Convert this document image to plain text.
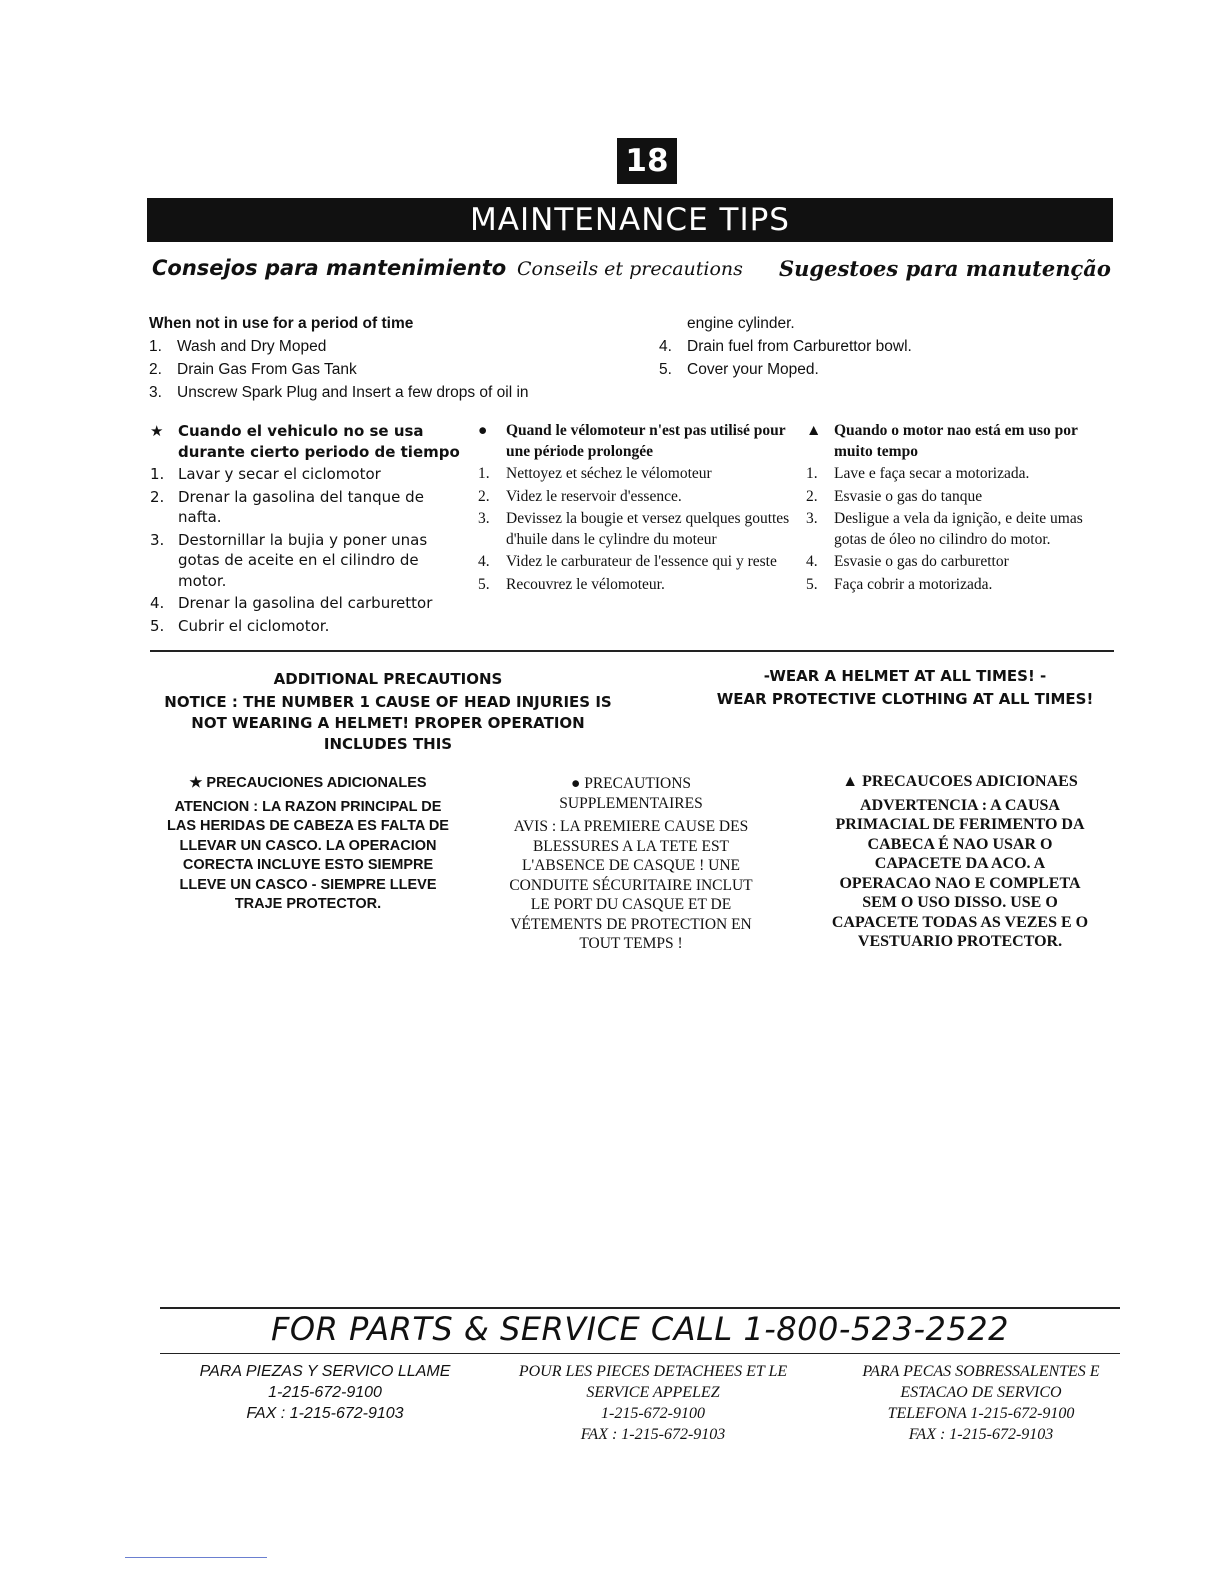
18
MAINTENANCE TIPS
Consejos para mantenimiento Conseils et precautions Sugestoes para manutenção
When not in use for a period of time
1. Wash and Dry Moped
2. Drain Gas From Gas Tank
3. Unscrew Spark Plug and Insert a few drops of oil in
engine cylinder.
4. Drain fuel from Carburettor bowl.
5. Cover your Moped.
★ Cuando el vehiculo no se usa durante cierto periodo de tiempo
1. Lavar y secar el ciclomotor
2. Drenar la gasolina del tanque de nafta.
3. Destornillar la bujia y poner unas gotas de aceite en el cilindro de motor.
4. Drenar la gasolina del carburettor
5. Cubrir el ciclomotor.
●	Quand le vélomoteur n'est pas utilisé pour une période prolongée
1.	Nettoyez et séchez le vélomoteur
2.	Videz le reservoir d'essence.
3.	Devissez la bougie et versez quelques gouttes d'huile dans le cylindre du moteur
4.	Videz le carburateur de l'essence qui y reste
5.	Recouvrez le vélomoteur.
▲ Quando o motor nao está em uso por muito tempo
1.	Lave e faça secar a motorizada.
2.	Esvasie o gas do tanque
3.	Desligue a vela da ignição, e deite umas gotas de óleo no cilindro do motor.
4.	Esvasie o gas do carburettor
5.	Faça cobrir a motorizada.
ADDITIONAL PRECAUTIONS
NOTICE : THE NUMBER 1 CAUSE OF HEAD INJURIES IS
NOT WEARING A HELMET! PROPER OPERATION
INCLUDES THIS
-WEAR A HELMET AT ALL TIMES! -
WEAR PROTECTIVE CLOTHING AT ALL TIMES!
★ PRECAUCIONES ADICIONALES
ATENCION : LA RAZON PRINCIPAL DE
LAS HERIDAS DE CABEZA ES FALTA DE
LLEVAR UN CASCO. LA OPERACION
CORECTA INCLUYE ESTO SIEMPRE
LLEVE UN CASCO - SIEMPRE LLEVE
TRAJE PROTECTOR.
● PRECAUTIONS
SUPPLEMENTAIRES
AVIS : LA PREMIERE CAUSE DES
BLESSURES A LA TETE EST
L'ABSENCE DE CASQUE ! UNE
CONDUITE SÉCURITAIRE INCLUT
LE PORT DU CASQUE ET DE
VÉTEMENTS DE PROTECTION EN
TOUT TEMPS !
▲ PRECAUCOES ADICIONAES
ADVERTENCIA : A CAUSA
PRIMACIAL DE FERIMENTO DA
CABECA É NAO USAR O
CAPACETE DA ACO. A
OPERACAO NAO E COMPLETA
SEM O USO DISSO. USE O
CAPACETE TODAS AS VEZES E O
VESTUARIO PROTECTOR.
FOR PARTS & SERVICE CALL 1-800-523-2522
PARA PIEZAS Y SERVICO LLAME
1-215-672-9100
FAX : 1-215-672-9103
POUR LES PIECES DETACHEES ET LE
SERVICE APPELEZ
1-215-672-9100
FAX : 1-215-672-9103
PARA PECAS SOBRESSALENTES E
ESTACAO DE SERVICO
TELEFONA 1-215-672-9100
FAX : 1-215-672-9103
